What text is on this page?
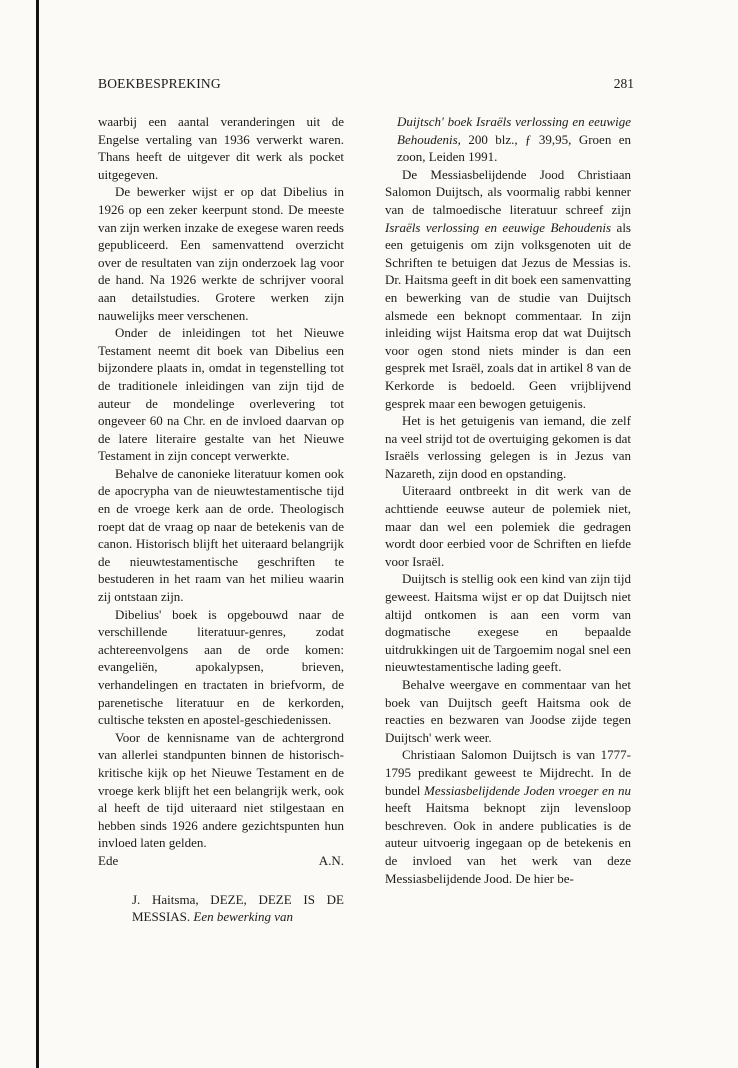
BOEKBESPREKING	281

waarbij een aantal veranderingen uit de Engelse vertaling van 1936 verwerkt waren. Thans heeft de uitgever dit werk als pocket uitgegeven.

De bewerker wijst er op dat Dibelius in 1926 op een zeker keerpunt stond. De meeste van zijn werken inzake de exegese waren reeds gepubliceerd. Een samenvattend overzicht over de resultaten van zijn onderzoek lag voor de hand. Na 1926 werkte de schrijver vooral aan detailstudies. Grotere werken zijn nauwelijks meer verschenen.

Onder de inleidingen tot het Nieuwe Testament neemt dit boek van Dibelius een bijzondere plaats in, omdat in tegenstelling tot de traditionele inleidingen van zijn tijd de auteur de mondelinge overlevering tot ongeveer 60 na Chr. en de invloed daarvan op de latere literaire gestalte van het Nieuwe Testament in zijn concept verwerkte.

Behalve de canonieke literatuur komen ook de apocrypha van de nieuwtestamentische tijd en de vroege kerk aan de orde. Theologisch roept dat de vraag op naar de betekenis van de canon. Historisch blijft het uiteraard belangrijk de nieuwtestamentische geschriften te bestuderen in het raam van het milieu waarin zij ontstaan zijn.

Dibelius' boek is opgebouwd naar de verschillende literatuur-genres, zodat achtereenvolgens aan de orde komen: evangeliën, apokalypsen, brieven, verhandelingen en tractaten in briefvorm, de parenetische literatuur en de kerkorden, cultische teksten en apostel-geschiedenissen.

Voor de kennisname van de achtergrond van allerlei standpunten binnen de historisch-kritische kijk op het Nieuwe Testament en de vroege kerk blijft het een belangrijk werk, ook al heeft de tijd uiteraard niet stilgestaan en hebben sinds 1926 andere gezichtspunten hun invloed laten gelden.

Ede	A.N.

J. Haitsma, DEZE, DEZE IS DE MESSIAS. Een bewerking van

Duijtsch' boek Israëls verlossing en eeuwige Behoudenis, 200 blz., ƒ 39,95, Groen en zoon, Leiden 1991.

De Messiasbelijdende Jood Christiaan Salomon Duijtsch, als voormalig rabbi kenner van de talmoedische literatuur schreef zijn Israëls verlossing en eeuwige Behoudenis als een getuigenis om zijn volksgenoten uit de Schriften te betuigen dat Jezus de Messias is. Dr. Haitsma geeft in dit boek een samenvatting en bewerking van de studie van Duijtsch alsmede een beknopt commentaar. In zijn inleiding wijst Haitsma erop dat wat Duijtsch voor ogen stond niets minder is dan een gesprek met Israël, zoals dat in artikel 8 van de Kerkorde is bedoeld. Geen vrijblijvend gesprek maar een bewogen getuigenis.

Het is het getuigenis van iemand, die zelf na veel strijd tot de overtuiging gekomen is dat Israëls verlossing gelegen is in Jezus van Nazareth, zijn dood en opstanding.

Uiteraard ontbreekt in dit werk van de achttiende eeuwse auteur de polemiek niet, maar dan wel een polemiek die gedragen wordt door eerbied voor de Schriften en liefde voor Israël.

Duijtsch is stellig ook een kind van zijn tijd geweest. Haitsma wijst er op dat Duijtsch niet altijd ontkomen is aan een vorm van dogmatische exegese en bepaalde uitdrukkingen uit de Targoemim nogal snel een nieuwtestamentische lading geeft.

Behalve weergave en commentaar van het boek van Duijtsch geeft Haitsma ook de reacties en bezwaren van Joodse zijde tegen Duijtsch' werk weer.

Christiaan Salomon Duijtsch is van 1777-1795 predikant geweest te Mijdrecht. In de bundel Messiasbelijdende Joden vroeger en nu heeft Haitsma beknopt zijn levensloop beschreven. Ook in andere publicaties is de auteur uitvoerig ingegaan op de betekenis en de invloed van het werk van deze Messiasbelijdende Jood. De hier be-
